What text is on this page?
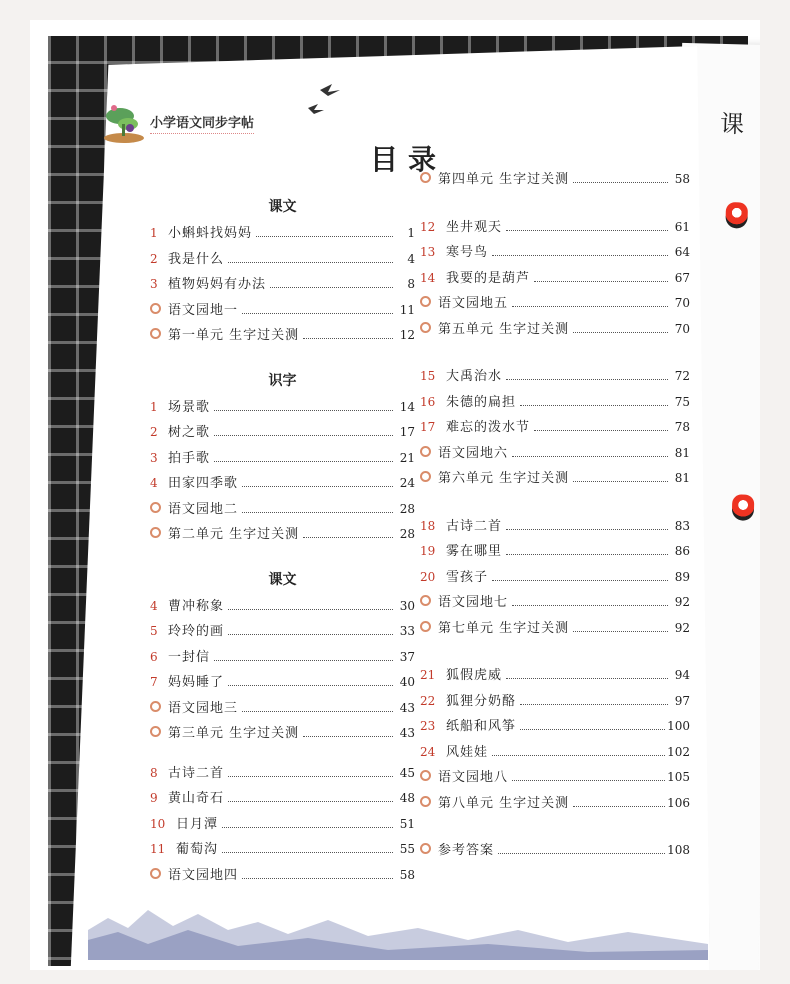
课
小学语文同步字帖
目录
课文
1 小蝌蚪找妈妈	1
2 我是什么	4
3 植物妈妈有办法	8
语文园地一	11
第一单元 生字过关测	12
识字
1 场景歌	14
2 树之歌	17
3 拍手歌	21
4 田家四季歌	24
语文园地二	28
第二单元 生字过关测	28
课文
4 曹冲称象	30
5 玲玲的画	33
6 一封信	37
7 妈妈睡了	40
语文园地三	43
第三单元 生字过关测	43
8 古诗二首	45
9 黄山奇石	48
10 日月潭	51
11 葡萄沟	55
语文园地四	58
第四单元 生字过关测	58
12 坐井观天	61
13 寒号鸟	64
14 我要的是葫芦	67
语文园地五	70
第五单元 生字过关测	70
15 大禹治水	72
16 朱德的扁担	75
17 难忘的泼水节	78
语文园地六	81
第六单元 生字过关测	81
18 古诗二首	83
19 雾在哪里	86
20 雪孩子	89
语文园地七	92
第七单元 生字过关测	92
21 狐假虎威	94
22 狐狸分奶酪	97
23 纸船和风筝	100
24 风娃娃	102
语文园地八	105
第八单元 生字过关测	106
参考答案	108
